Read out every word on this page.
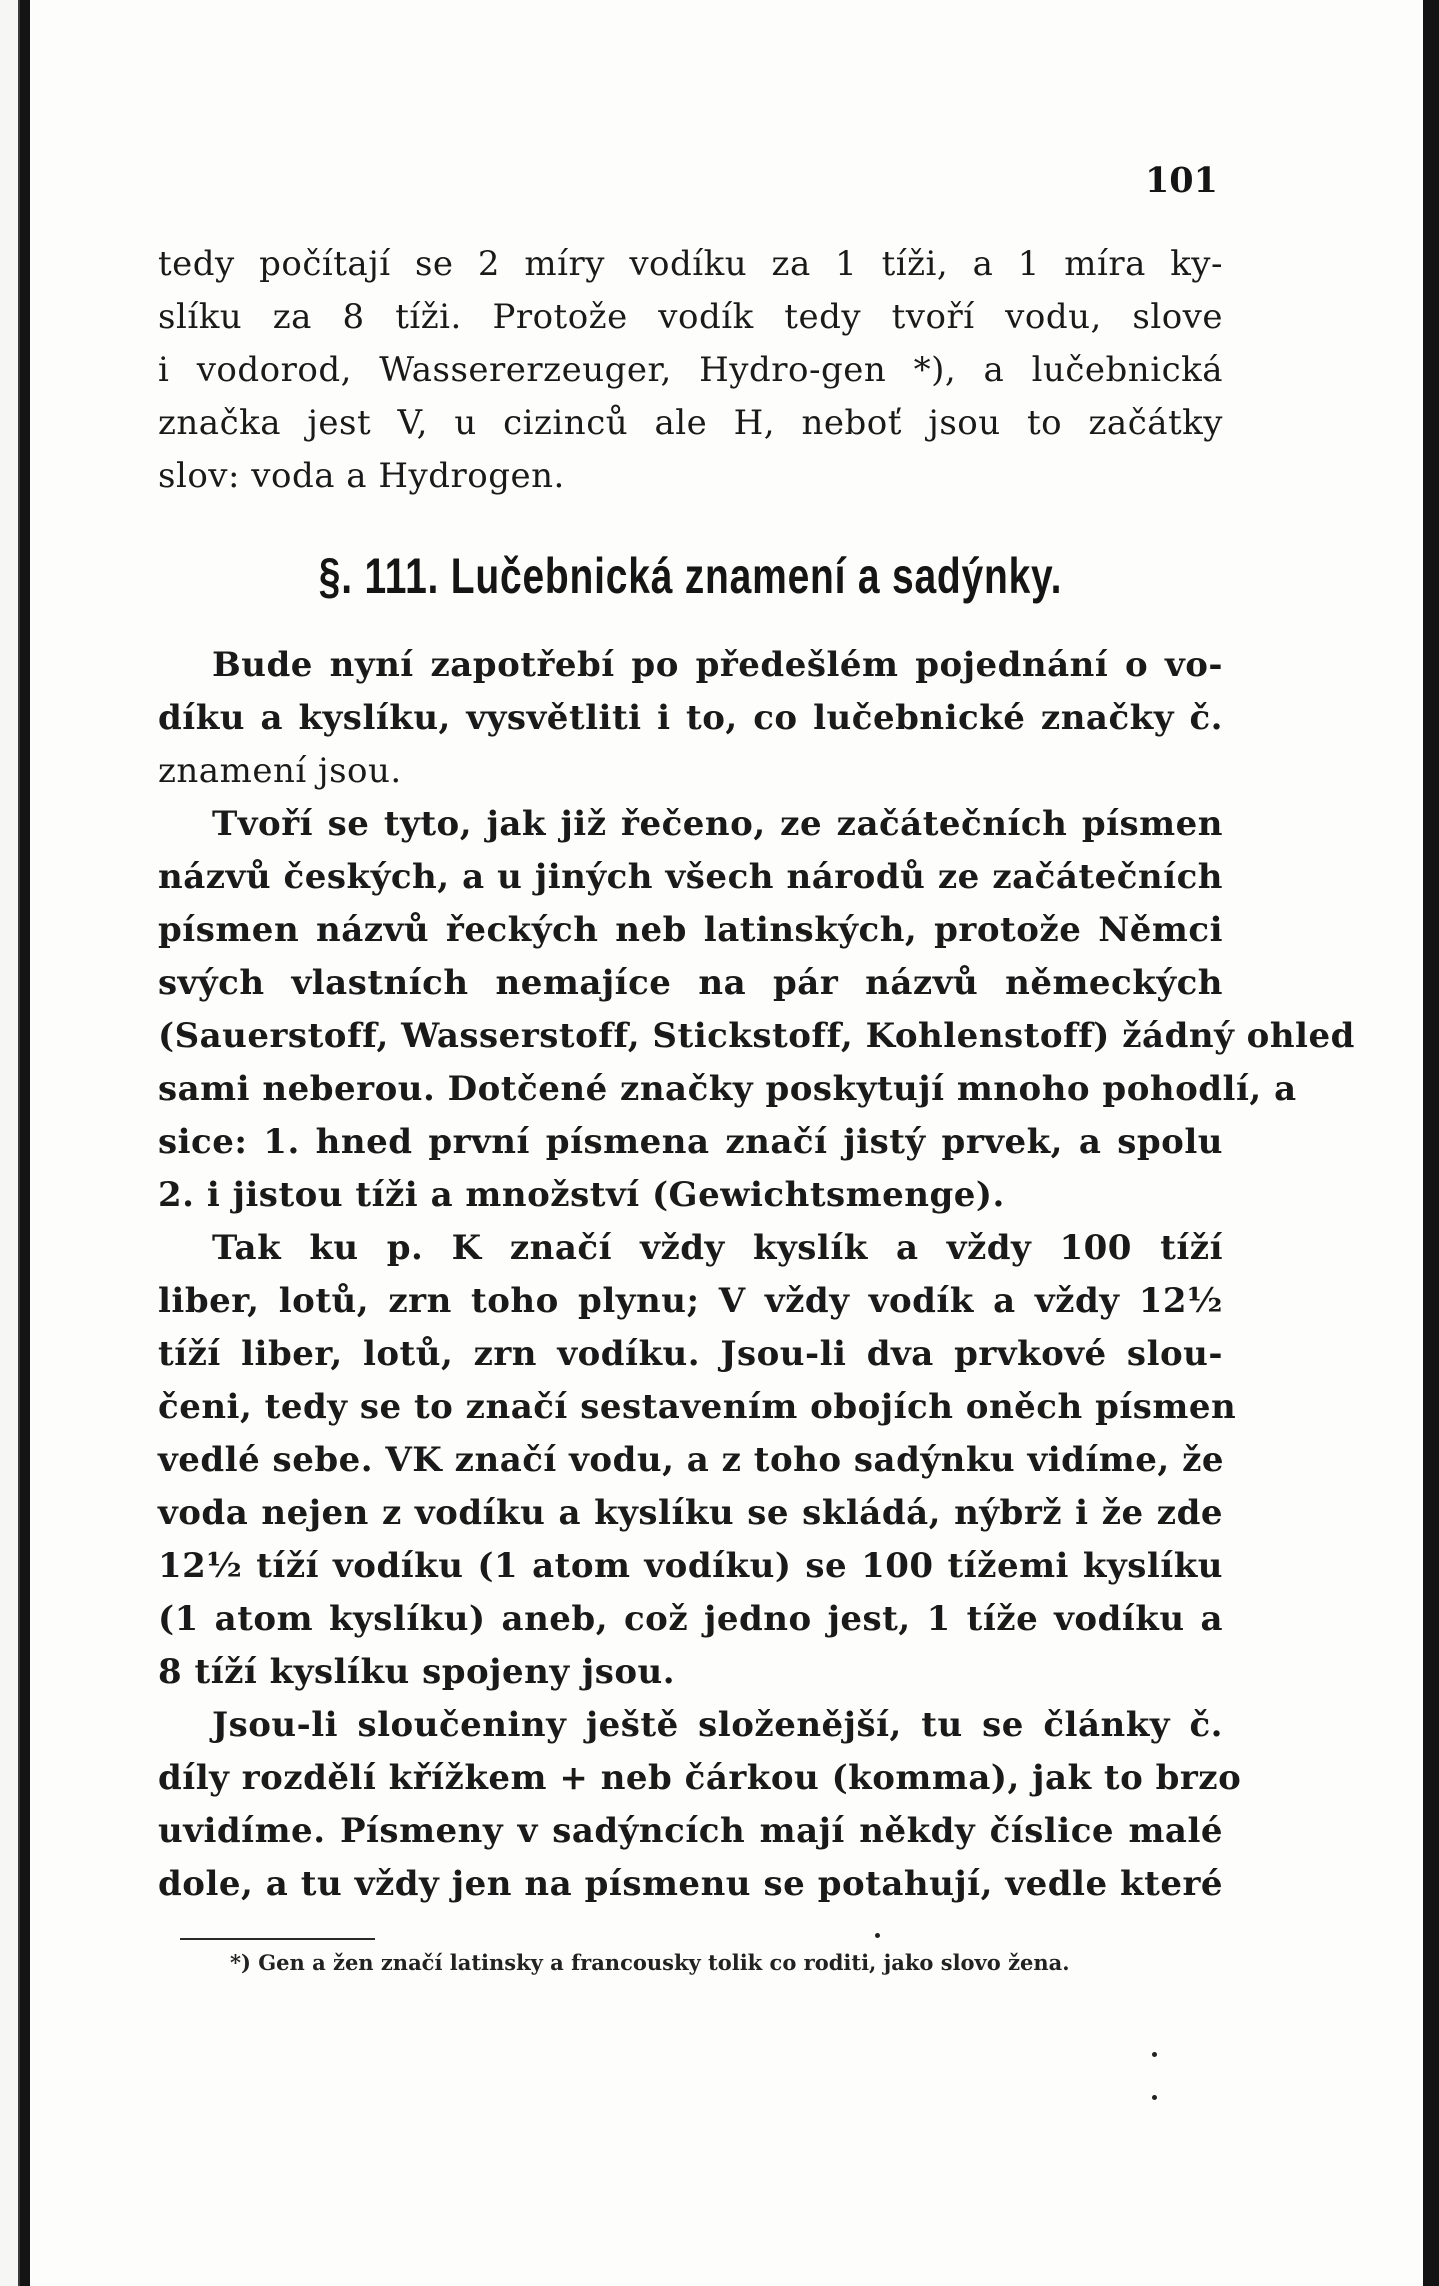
101
tedy počítají se 2 míry vodíku za 1 tíži, a 1 míra ky-
slíku za 8 tíži. Protože vodík tedy tvoří vodu, slove
i vodorod, Wassererzeuger, Hydro-gen *), a lučebnická
značka jest V, u cizinců ale H, neboť jsou to začátky
slov: voda a Hydrogen.
§. 111. Lučebnická znamení a sadýnky.
Bude nyní zapotřebí po předešlém pojednání o vo-
díku a kyslíku, vysvětliti i to, co lučebnické značky č.
znamení jsou.
Tvoří se tyto, jak již řečeno, ze začátečních písmen
názvů českých, a u jiných všech národů ze začátečních
písmen názvů řeckých neb latinských, protože Němci
svých vlastních nemajíce na pár názvů německých
(Sauerstoff, Wasserstoff, Stickstoff, Kohlenstoff) žádný ohled
sami neberou. Dotčené značky poskytují mnoho pohodlí, a
sice: 1. hned první písmena značí jistý prvek, a spolu
2. i jistou tíži a množství (Gewichtsmenge).
Tak ku p. K značí vždy kyslík a vždy 100 tíží
liber, lotů, zrn toho plynu; V vždy vodík a vždy 12½
tíží liber, lotů, zrn vodíku. Jsou-li dva prvkové slou-
čeni, tedy se to značí sestavením obojích oněch písmen
vedlé sebe. VK značí vodu, a z toho sadýnku vidíme, že
voda nejen z vodíku a kyslíku se skládá, nýbrž i že zde
12½ tíží vodíku (1 atom vodíku) se 100 tížemi kyslíku
(1 atom kyslíku) aneb, což jedno jest, 1 tíže vodíku a
8 tíží kyslíku spojeny jsou.
Jsou-li sloučeniny ještě složenější, tu se články č.
díly rozdělí křížkem + neb čárkou (komma), jak to brzo
uvidíme. Písmeny v sadýncích mají někdy číslice malé
dole, a tu vždy jen na písmenu se potahují, vedle které
*) Gen a žen značí latinsky a francousky tolik co roditi, jako slovo žena.
